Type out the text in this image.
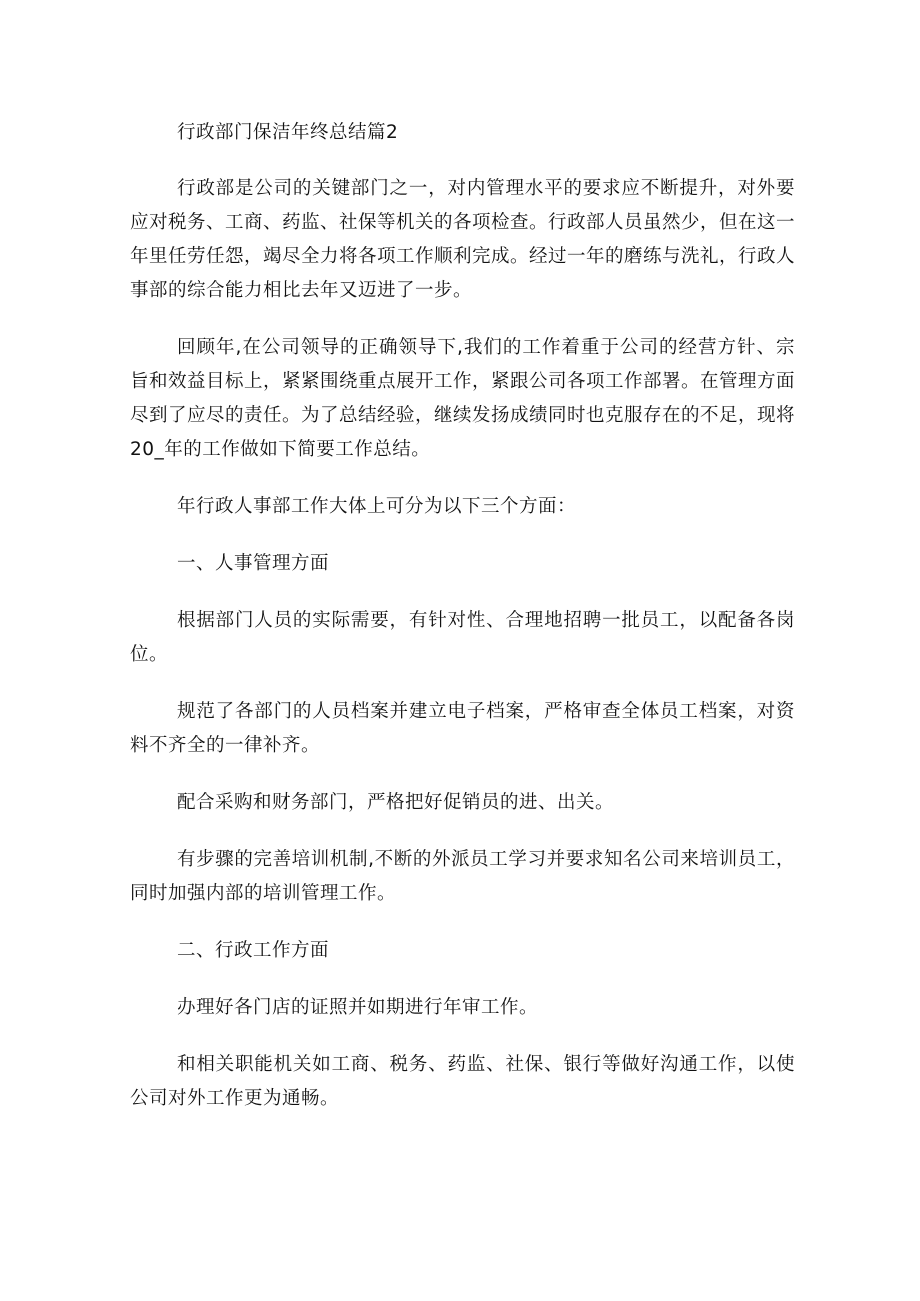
行政部门保洁年终总结篇2

行政部是公司的关键部门之一，对内管理水平的要求应不断提升，对外要应对税务、工商、药监、社保等机关的各项检查。行政部人员虽然少，但在这一年里任劳任怨，竭尽全力将各项工作顺利完成。经过一年的磨练与洗礼，行政人事部的综合能力相比去年又迈进了一步。

回顾年,在公司领导的正确领导下,我们的工作着重于公司的经营方针、宗旨和效益目标上，紧紧围绕重点展开工作，紧跟公司各项工作部署。在管理方面尽到了应尽的责任。为了总结经验，继续发扬成绩同时也克服存在的不足，现将20_年的工作做如下简要工作总结。

年行政人事部工作大体上可分为以下三个方面：

一、人事管理方面

根据部门人员的实际需要，有针对性、合理地招聘一批员工，以配备各岗位。

规范了各部门的人员档案并建立电子档案，严格审查全体员工档案，对资料不齐全的一律补齐。

配合采购和财务部门，严格把好促销员的进、出关。

有步骤的完善培训机制,不断的外派员工学习并要求知名公司来培训员工，同时加强内部的培训管理工作。

二、行政工作方面

办理好各门店的证照并如期进行年审工作。

和相关职能机关如工商、税务、药监、社保、银行等做好沟通工作，以使公司对外工作更为通畅。
